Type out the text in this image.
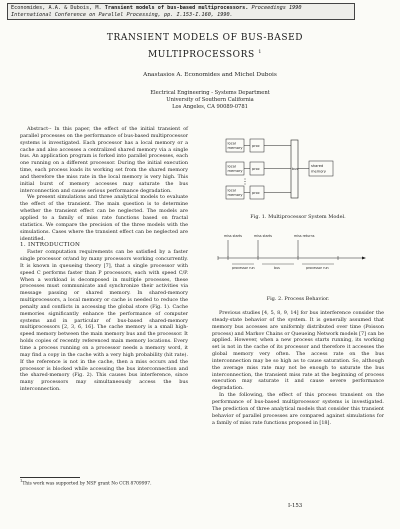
Economides, A.A. & Dubois, M. Transient models of bus-based multiprocessors. Proceedings 1990
International Conference on Parallel Processing, pp. I.153-I.160, 1990.
TRANSIENT MODELS OF BUS-BASED
MULTIPROCESSORS $^1$
Anastasios A. Economides and Michel Dubois
Electrical Engineering - Systems Department
University of Southern California
Los Angeles, CA 90089-0781

Abstract-- In this paper, the effect of the initial transient of parallel processes on the performance of bus-based multiprocessor systems is investigated. Each processor has a local memory or a cache and also accesses a centralized shared memory via a single bus. An application program is forked into parallel processes, each one running on a different processor. During the initial execution time, each process loads its working set from the shared memory and therefore the miss rate in the local memory is very high. This initial burst of memory accesses may saturate the bus interconnection and cause serious performance degradation.

We present simulations and three analytical models to evaluate the effect of the transient. The main question is to determine whether the transient effect can be neglected. The models are applied to a family of miss rate functions based on fractal statistics. We compare the precision of the three models with the simulations. Cases where the transient effect can be neglected are identified.

1. INTRODUCTION

Faster computation requirements can be satisfied by a faster single processor or/and by many processors working concurrently. It is known in queueing theory [7], that a single processor with speed C performs faster than P processors, each with speed C/P. When a workload is decomposed in multiple processes, these processes must communicate and synchronize their activities via message passing or shared memory. In shared-memory multiprocessors, a local memory or cache is needed to reduce the penalty and conflicts in accessing the global store (Fig. 1). Cache memories significantly enhance the performance of computer systems and in particular of bus-based shared-memory multiprocessors [2, 3, 6, 16]. The cache memory is a small high-speed memory between the main memory bus and the processor. It holds copies of recently referenced main memory locations. Every time a process running on a processor needs a memory word, it may find a copy in the cache with a very high probability (hit rate). If the reference is not in the cache, then a miss occurs and the processor is blocked while accessing the bus interconnection and the shared-memory (Fig. 2). This causes bus interference, since many processors may simultaneously access the bus interconnection.

local
memory	proc
local
memory	proc
local
memory	proc
bus
shared
memory
Fig. 1. Multiprocessor System Model.
miss starts	miss starts	miss returns
processor run	bus	processor run
Fig. 2. Process Behavior.

Previous studies [4, 5, 8, 9, 14] for bus interference consider the steady-state behavior of the system. It is generally assumed that memory bus accesses are uniformly distributed over time (Poisson process) and Markov Chains or Queueing Network models [7] can be applied. However, when a new process starts running, its working set is not in the cache of its processor and therefore it accesses the global memory very often. The access rate on the bus interconnection may be so high as to cause saturation. So, although the average miss rate may not be enough to saturate the bus interconnection, the transient miss rate at the beginning of process execution may saturate it and cause severe performance degradation.

In the following, the effect of this process transient on the performance of bus-based multiprocessor systems is investigated. The prediction of three analytical models that consider this transient behavior of parallel processes are compared against simulations for a family of miss rate functions proposed in [18].

$^1$This work was supported by NSF grant No CCR 8709997.
I-153
